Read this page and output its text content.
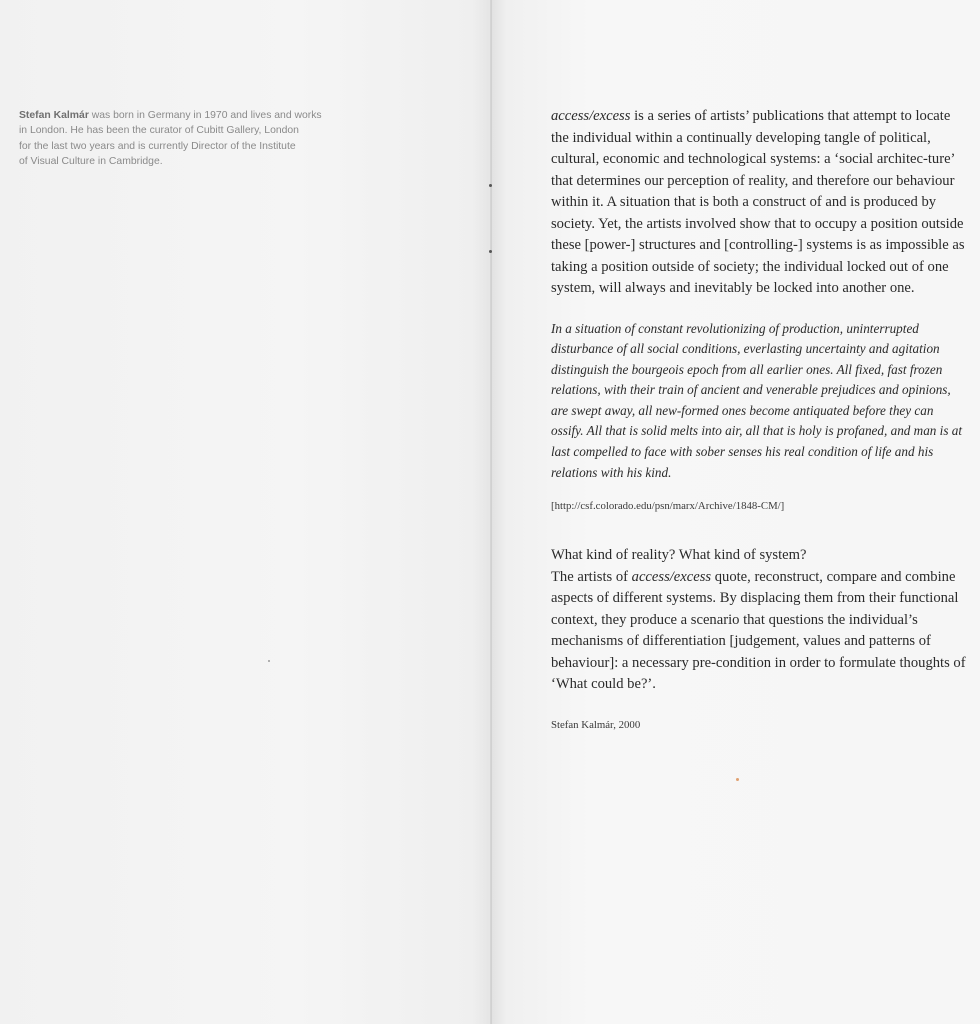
Stefan Kalmár was born in Germany in 1970 and lives and works
in London. He has been the curator of Cubitt Gallery, London
for the last two years and is currently Director of the Institute
of Visual Culture in Cambridge.

access/excess is a series of artists’ publications that attempt to locate the individual within a continually developing tangle of political, cultural, economic and technological systems: a ‘social architec-ture’ that determines our perception of reality, and therefore our behaviour within it. A situation that is both a construct of and is produced by society. Yet, the artists involved show that to occupy a position outside these [power-] structures and [controlling-] systems is as impossible as taking a position outside of society; the individual locked out of one system, will always and inevitably be locked into another one.

In a situation of constant revolutionizing of production, uninterrupted disturbance of all social conditions, everlasting uncertainty and agitation distinguish the bourgeois epoch from all earlier ones. All fixed, fast frozen relations, with their train of ancient and venerable prejudices and opinions, are swept away, all new-formed ones become antiquated before they can ossify. All that is solid melts into air, all that is holy is profaned, and man is at last compelled to face with sober senses his real condition of life and his relations with his kind.

[http://csf.colorado.edu/psn/marx/Archive/1848-CM/]

What kind of reality? What kind of system?

The artists of access/excess quote, reconstruct, compare and combine aspects of different systems. By displacing them from their functional context, they produce a scenario that questions the individual’s mechanisms of differentiation [judgement, values and patterns of behaviour]: a necessary pre-condition in order to formulate thoughts of ‘What could be?’.

Stefan Kalmár, 2000
